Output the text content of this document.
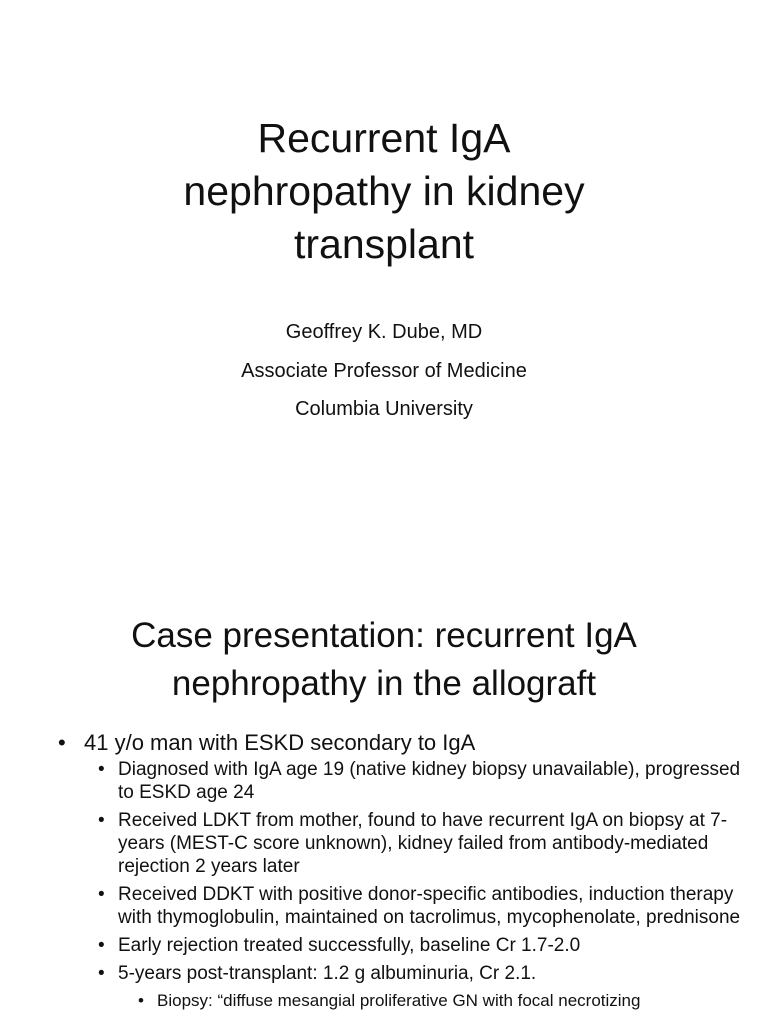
Recurrent IgA
nephropathy in kidney
transplant
Geoffrey K. Dube, MD
Associate Professor of Medicine
Columbia University
Case presentation: recurrent IgA
nephropathy in the allograft
• 41 y/o man with ESKD secondary to IgA
• Diagnosed with IgA age 19 (native kidney biopsy unavailable), progressed to ESKD age 24
• Received LDKT from mother, found to have recurrent IgA on biopsy at 7-years (MEST-C score unknown), kidney failed from antibody-mediated rejection 2 years later
• Received DDKT with positive donor-specific antibodies, induction therapy with thymoglobulin, maintained on tacrolimus, mycophenolate, prednisone
• Early rejection treated successfully, baseline Cr 1.7-2.0
• 5-years post-transplant: 1.2 g albuminuria, Cr 2.1.
• Biopsy: “diffuse mesangial proliferative GN with focal necrotizing
